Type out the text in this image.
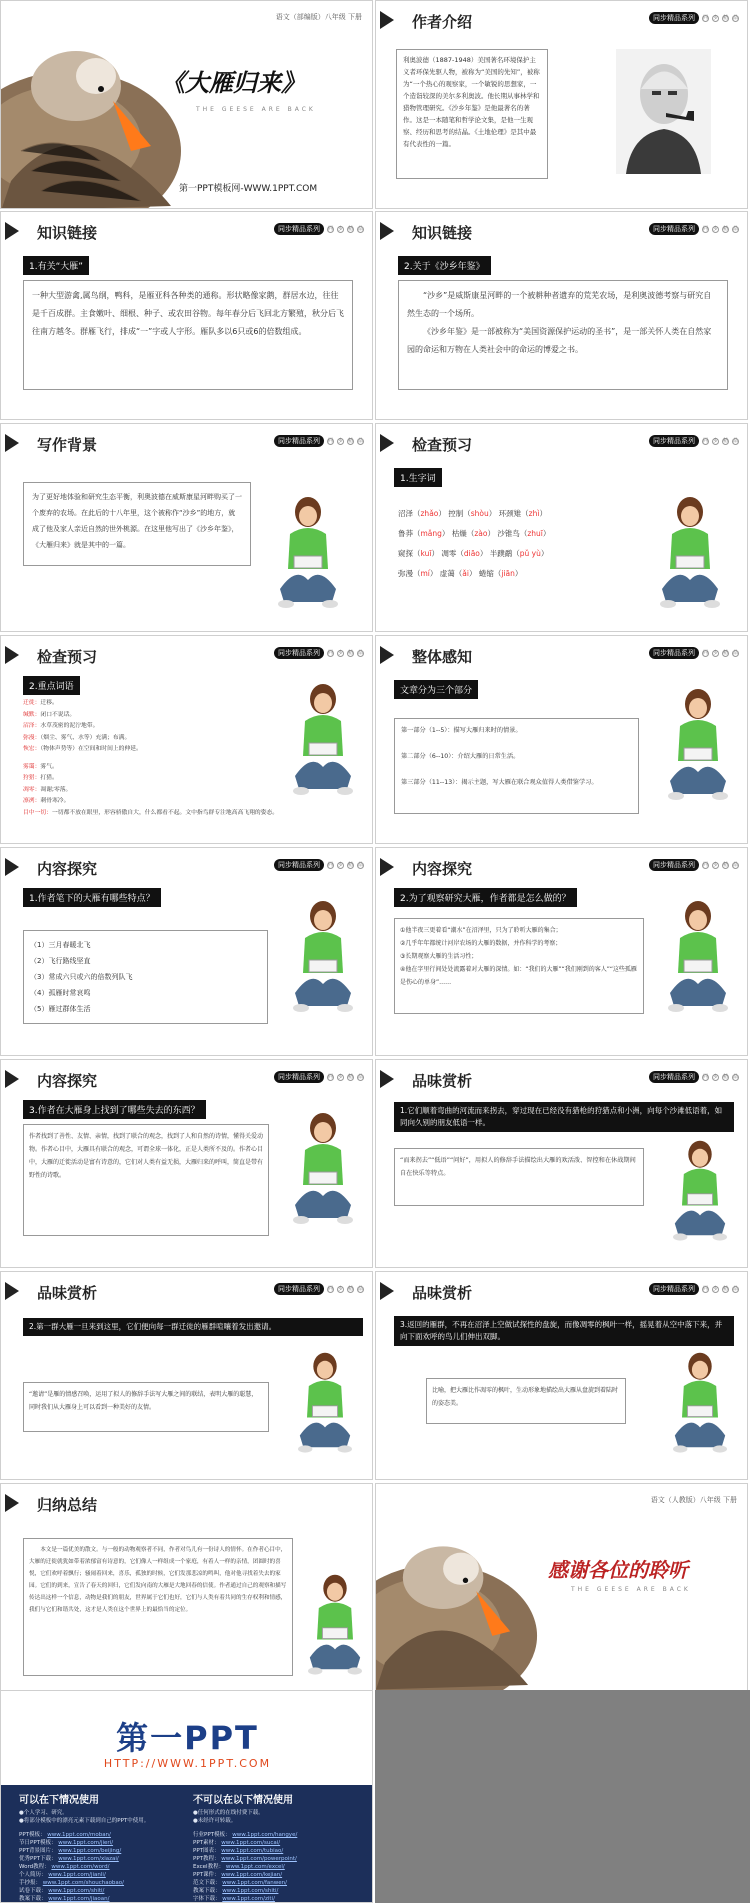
语文（部编版）八年级 下册
《大雁归来》
THE GEESE ARE BACK
第一PPT模板网-WWW.1PPT.COM
作者介绍	同步精品系列	同 步 精 品
利奥波德（1887-1948）美国著名环境保护主义者环保先驱人物，被称为“美国的先知”，被称为“一个热心的观察家，一个敏锐的思想家，一个造诣较深的美尔多利奥波。他长期从事林学和猎物管理研究。《沙乡年鉴》是他最著名的著作。这是一本随笔和哲学论文集，是他一生观察、经历和思考的结晶。《土地伦理》是其中最有代表性的一篇。
知识链接	同步精品系列	同 步 精 品
1.有关“大雁”
一种大型游禽,属鸟纲，鸭科，是雁亚科各种类的通称。形状略像家鹅，群居水边，往往是千百成群。主食嫩叶、细根、种子、或农田谷物。每年春分后飞回北方繁殖，秋分后飞往南方越冬。群雁飞行，排成“一”字或人字形。雁队多以6只或6的倍数组成。
知识链接	同步精品系列	同 步 精 品
2.关于《沙乡年鉴》
“沙乡”是威斯康星河畔的一个被耕种者遗弃的荒芜农场，是利奥波德考察与研究自然生态的一个场所。
《沙乡年鉴》是一部被称为“美国资源保护运动的圣书”，是一部关怀人类在自然家园的命运和万物在人类社会中的命运的博爱之书。
写作背景	同步精品系列	同 步 精 品
为了更好地体验和研究生态平衡，利奥波德在威斯康星河畔购买了一个废弃的农场。在此后的十八年里，这个被称作“沙乡”的地方，就成了他及家人亲近自然的世外桃源。在这里他写出了《沙乡年鉴》，《大雁归来》就是其中的一篇。
检查预习	同步精品系列	同 步 精 品
1.生字词
沼泽（zhǎo） 控制（shòu） 环颈雉（zhì）
鲁莽（mǎng） 枯燥（zào） 沙锥鸟（zhuī）
窥探（kuī） 凋零（diāo） 半蹼鹬（pǔ yù）
弥漫（mí） 虚蔼（ǎi） 蜷缩（jiān）
检查预习	同步精品系列	同 步 精 品
2.重点词语
迁徙：迁移。
缄默：闭口不说话。
沼泽：水草茂密的泥泞地带。
弥漫：（烟尘、雾气、水等）充满；布满。
恢宏：（物体声势等）在空间和时间上的伸延。
雾霭：雾气。
狩猎：打猎。
凋零：凋谢;零落。
凛冽：刺骨寒冷。
目中一切：一切都不放在眼里，形容骄傲自大，什么都看不起。文中指鸟群专注地高高飞翔的姿态。
整体感知	同步精品系列	同 步 精 品
文章分为三个部分
第一部分（1--5）：描写大雁归来时的情景。
第二部分（6--10）：介绍大雁的日常生活。
第三部分（11--13）：揭示主题，写大雁在联合观众值得人类借鉴学习。
内容探究	同步精品系列	同 步 精 品
1.作者笔下的大雁有哪些特点？
（1）三月春暖北飞
（2）飞行路线坚直
（3）常成六只或六的倍数列队飞
（4）孤雁时常哀鸣
（5）雁过群体生活
内容探究	同步精品系列	同 步 精 品
2.为了观察研究大雁，作者都是怎么做的？
①他半夜三更着看“潮水”在沼泽里，只为了聆听大雁的集合；
②几乎年年都统计河岸农场的大雁的数据，并作科学的考察；
③长期观察大雁的生活习性；
④他在字里行间处处流露着对大雁的深情。如：“我们的大雁”“我们刚到的客人”“这些孤雁是伤心的单身”……
内容探究	同步精品系列	同 步 精 品
3.作者在大雁身上找到了哪些失去的东西？
作者找到了善性、友情、亲情，找到了联合的观念，找到了人和自然的诗情，懂得关爱动物。作者心目中，大雁具有联合的观念，可谓全球一体化，正是人类所不及的。作者心目中，大雁的迁徙活动是富有诗意的，它们对人类有益无损，大雁归来的呼叫，简直是带有野性的诗歌。
品味赏析	同步精品系列	同 步 精 品
1.它们顺着弯曲的河流而来拐去，穿过现在已经没有猎枪的狩猎点和小洲，向每个沙滩低语着，如同向久别的朋友低语一样。
“而来拐去”“低语”“问好”，用拟人的修辞手法描绘出大雁的欢活泼、智控和在休战期间自在快乐等特点。
品味赏析	同步精品系列	同 步 精 品
2.第一群大雁一旦来到这里，它们便向每一群迁徙的雁群喧嚷着发出邀请。
“邀请”是雁的情感召唤，运用了拟人的修辞手法写大雁之间的联结，表明大雁的聪慧，同时我们从大雁身上可以看到一种美好的友情。
品味赏析	同步精品系列	同 步 精 品
3.返回的雁群，不再在沼泽上空做试探性的盘旋，而像凋零的枫叶一样，摇晃着从空中落下来，并向下面欢呼的鸟儿们伸出双脚。
比喻，把大雁比作凋零的枫叶，生动形象地描绘出大雁从盘旋到着陆时的姿态美。
归纳总结
本文是一篇优美的散文。与一般的动物观察者不同，作者对鸟儿有一份诗人的情怀。在作者心目中，大雁的迁徙就犹如带着浓郁富有诗意的，它们像人一样组成一个家庭，有着人一样的亲情，团圆时的喜悦，它们欢呼着飘行；骚闹着回来，喜乐，孤独的时候，它们发那悲凉的鸣叫，他对他寻找着失去的家园。它们的到来，宣告了春天的回归，它们发向南的大雁是大地回春的信使。作者通过自己的观察和描写传达出这样一个信息，动物是我们的朋友，世界属于它们也好，它们与人类有着共同的生存权利和情感，我们与它们和谐共处，这才是人类在这个世界上的最恰当的定位。
语文（人教版）八年级 下册
感谢各位的聆听
THE GEESE ARE BACK
第一PPT
HTTP://WWW.1PPT.COM
可以在下情况使用
●个人学习、研究。
●将部分模板中的漂亮元素下载到自己的PPT中使用。
PPT模板： www.1ppt.com/moban/
节日PPT模板： www.1ppt.com/jieri/
PPT背景图片： www.1ppt.com/beijing/
优秀PPT下载： www.1ppt.com/xiazai/
Word教程： www.1ppt.com/word/
个人简历： www.1ppt.com/jianli/
手抄报： www.1ppt.com/shouchaobao/
试卷下载： www.1ppt.com/shiti/
教案下载： www.1ppt.com/jiaoan/
不可以在以下情况使用
●任何形式的在线付费下载。
●未经许可转载。
行业PPT模板： www.1ppt.com/hangye/
PPT素材： www.1ppt.com/sucai/
PPT图表： www.1ppt.com/tubiao/
PPT教程： www.1ppt.com/powerpoint/
Excel教程： www.1ppt.com/excel/
PPT课件： www.1ppt.com/kejian/
范文下载： www.1ppt.com/fanwen/
教案下载： www.1ppt.com/shiti/
字体下载： www.1ppt.com/ziti/
